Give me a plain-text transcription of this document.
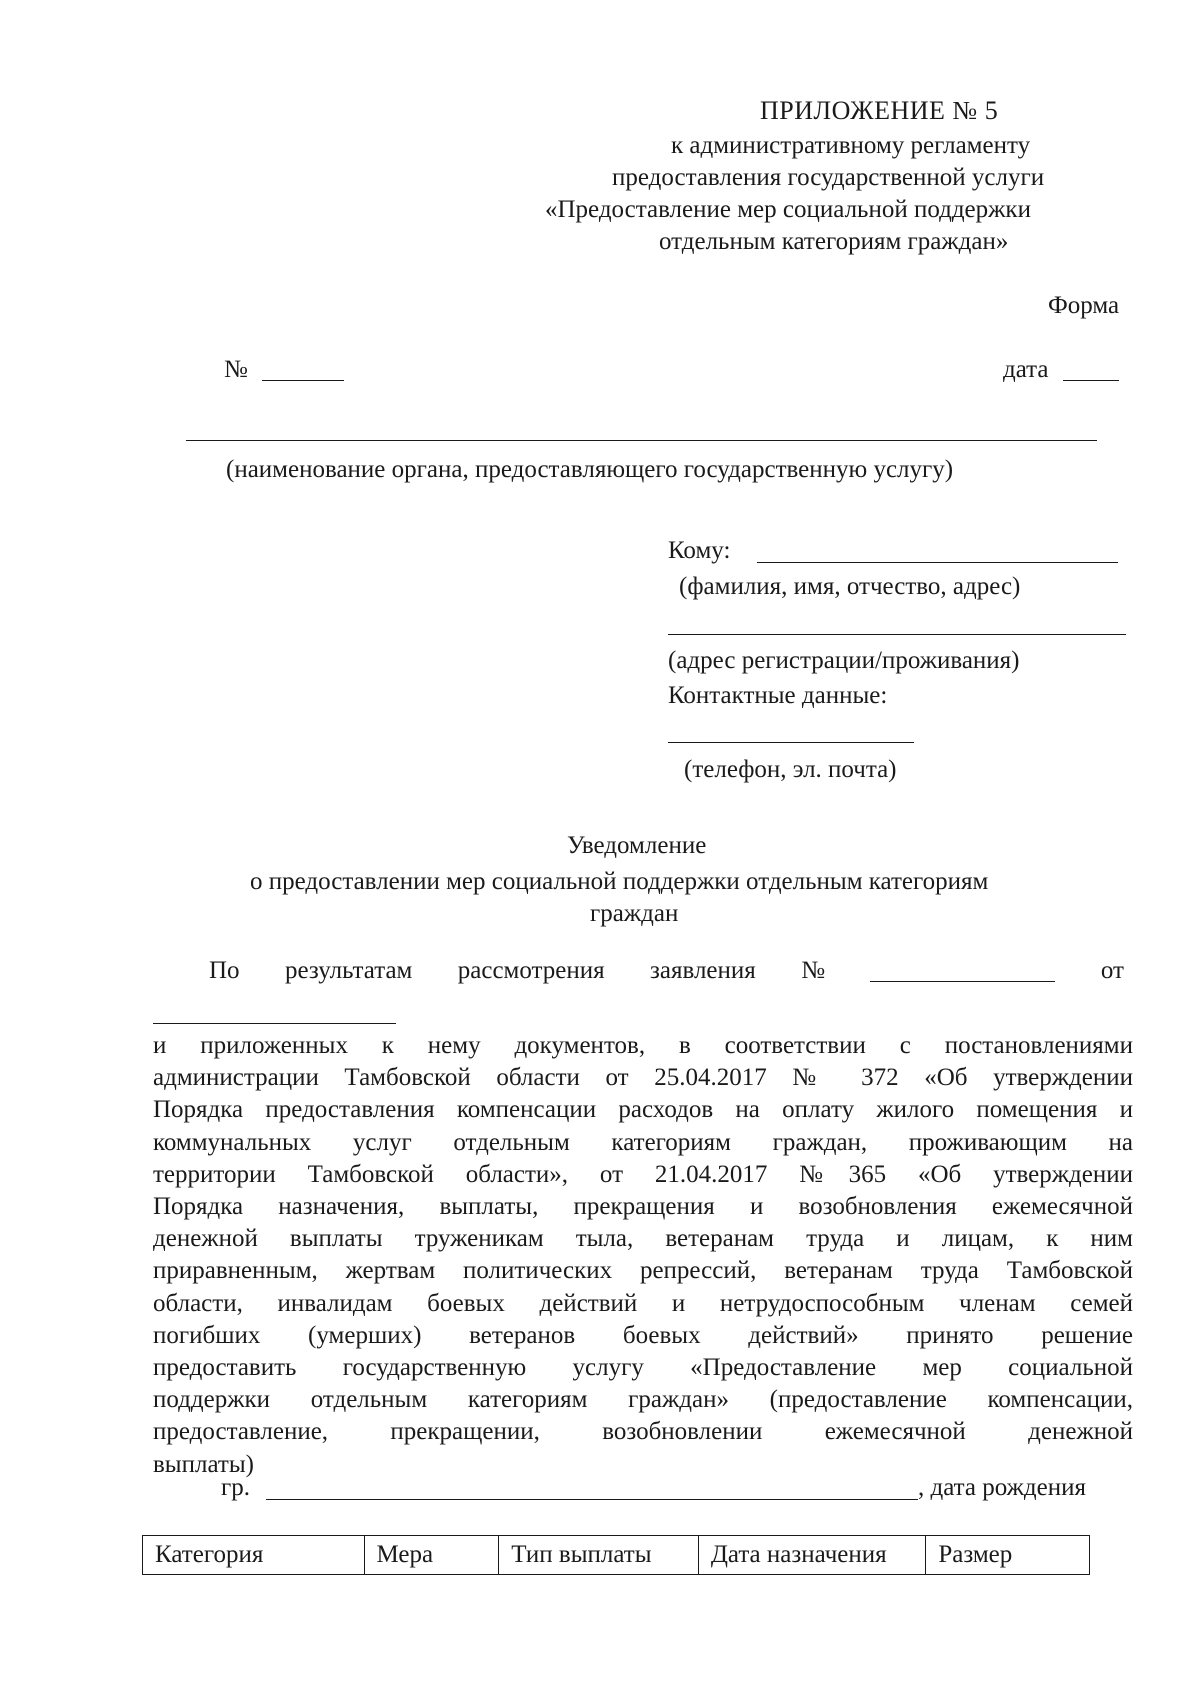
ПРИЛОЖЕНИЕ № 5
к административному регламенту
предоставления государственной услуги
«Предоставление мер социальной поддержки
отдельным категориям граждан»
Форма
№	дата
(наименование органа, предоставляющего государственную услугу)
Кому:
(фамилия, имя, отчество, адрес)
(адрес регистрации/проживания)
Контактные данные:
(телефон, эл. почта)
Уведомление
о предоставлении мер социальной поддержки отдельным категориям
граждан
По результатам рассмотрения заявления №	от
и приложенных к нему документов, в соответствии с постановлениями
администрации Тамбовской области от 25.04.2017 № 372 «Об утверждении
Порядка предоставления компенсации расходов на оплату жилого помещения и
коммунальных услуг отдельным категориям граждан, проживающим на
территории Тамбовской области», от 21.04.2017 №365 «Об утверждении
Порядка назначения, выплаты, прекращения и возобновления ежемесячной
денежной выплаты труженикам тыла, ветеранам труда и лицам, к ним
приравненным, жертвам политических репрессий, ветеранам труда Тамбовской
области, инвалидам боевых действий и нетрудоспособным членам семей
погибших (умерших) ветеранов боевых действий» принято решение
предоставить государственную услугу «Предоставление мер социальной
поддержки отдельным категориям граждан» (предоставление компенсации,
предоставление, прекращении, возобновлении ежемесячной денежной
выплаты)
гр.	, дата рождения
Категория	Мера	Тип выплаты	Дата назначения	Размер
